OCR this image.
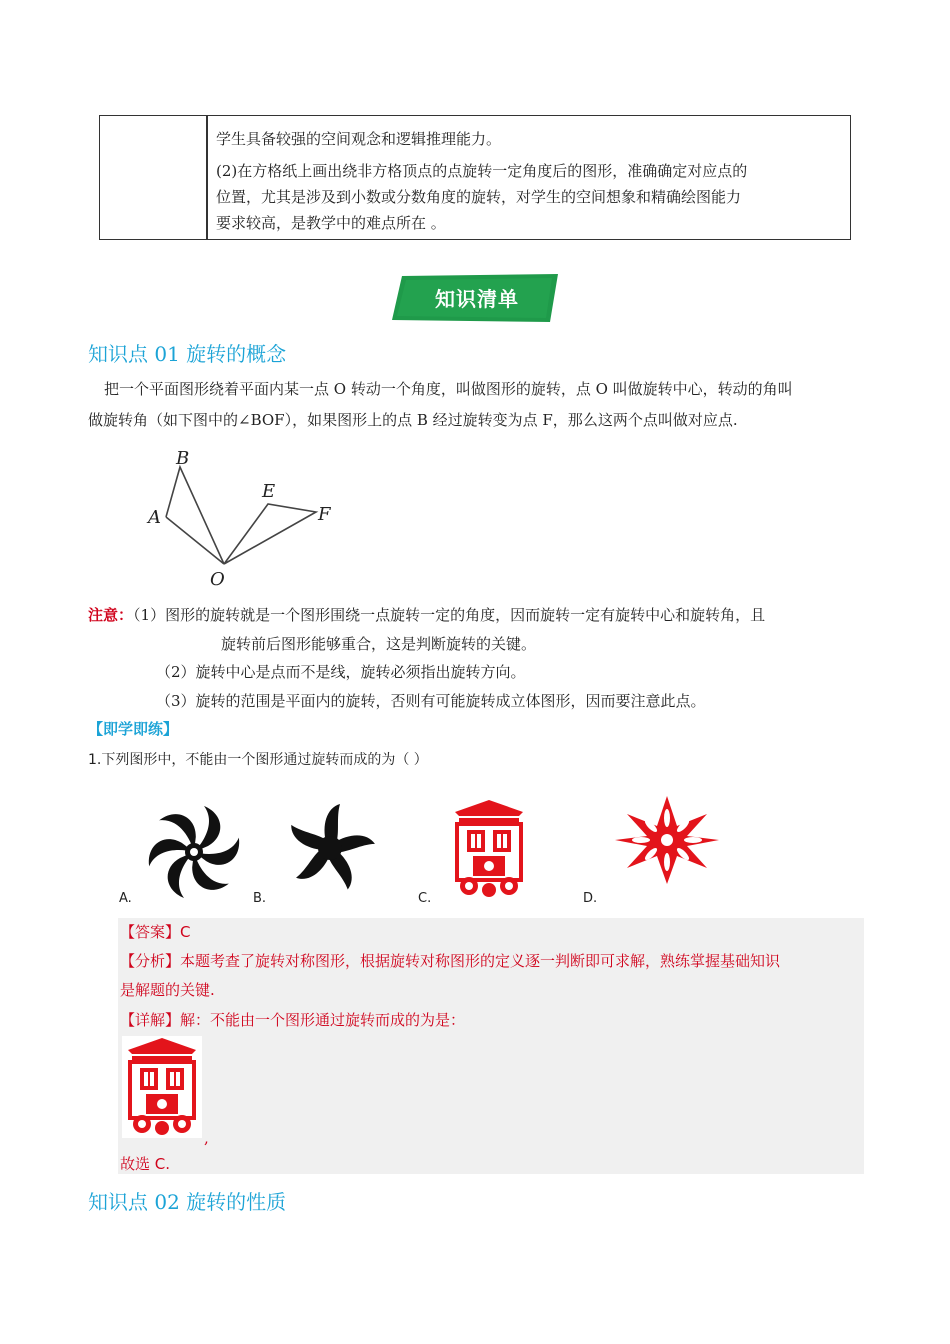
学生具备较强的空间观念和逻辑推理能力。
(2)在方格纸上画出绕非方格顶点的点旋转一定角度后的图形，准确确定对应点的
位置，尤其是涉及到小数或分数角度的旋转，对学生的空间想象和精确绘图能力
要求较高，是教学中的难点所在 。
知识清单
知识点 01 旋转的概念
把一个平面图形绕着平面内某一点 O 转动一个角度，叫做图形的旋转，点 O 叫做旋转中心，转动的角叫
做旋转角（如下图中的∠BOF），如果图形上的点 B 经过旋转变为点 F，那么这两个点叫做对应点.
B
A
E
F
O
注意：（1）图形的旋转就是一个图形围绕一点旋转一定的角度，因而旋转一定有旋转中心和旋转角，且
旋转前后图形能够重合，这是判断旋转的关键。
（2）旋转中心是点而不是线，旋转必须指出旋转方向。
（3）旋转的范围是平面内的旋转，否则有可能旋转成立体图形，因而要注意此点。
【即学即练】
1.下列图形中，不能由一个图形通过旋转而成的为（ ）
A.	B.	C.	D.
【答案】C
【分析】本题考查了旋转对称图形，根据旋转对称图形的定义逐一判断即可求解，熟练掌握基础知识
是解题的关键.
【详解】解：不能由一个图形通过旋转而成的为是：
,
故选 C.
知识点 02 旋转的性质
